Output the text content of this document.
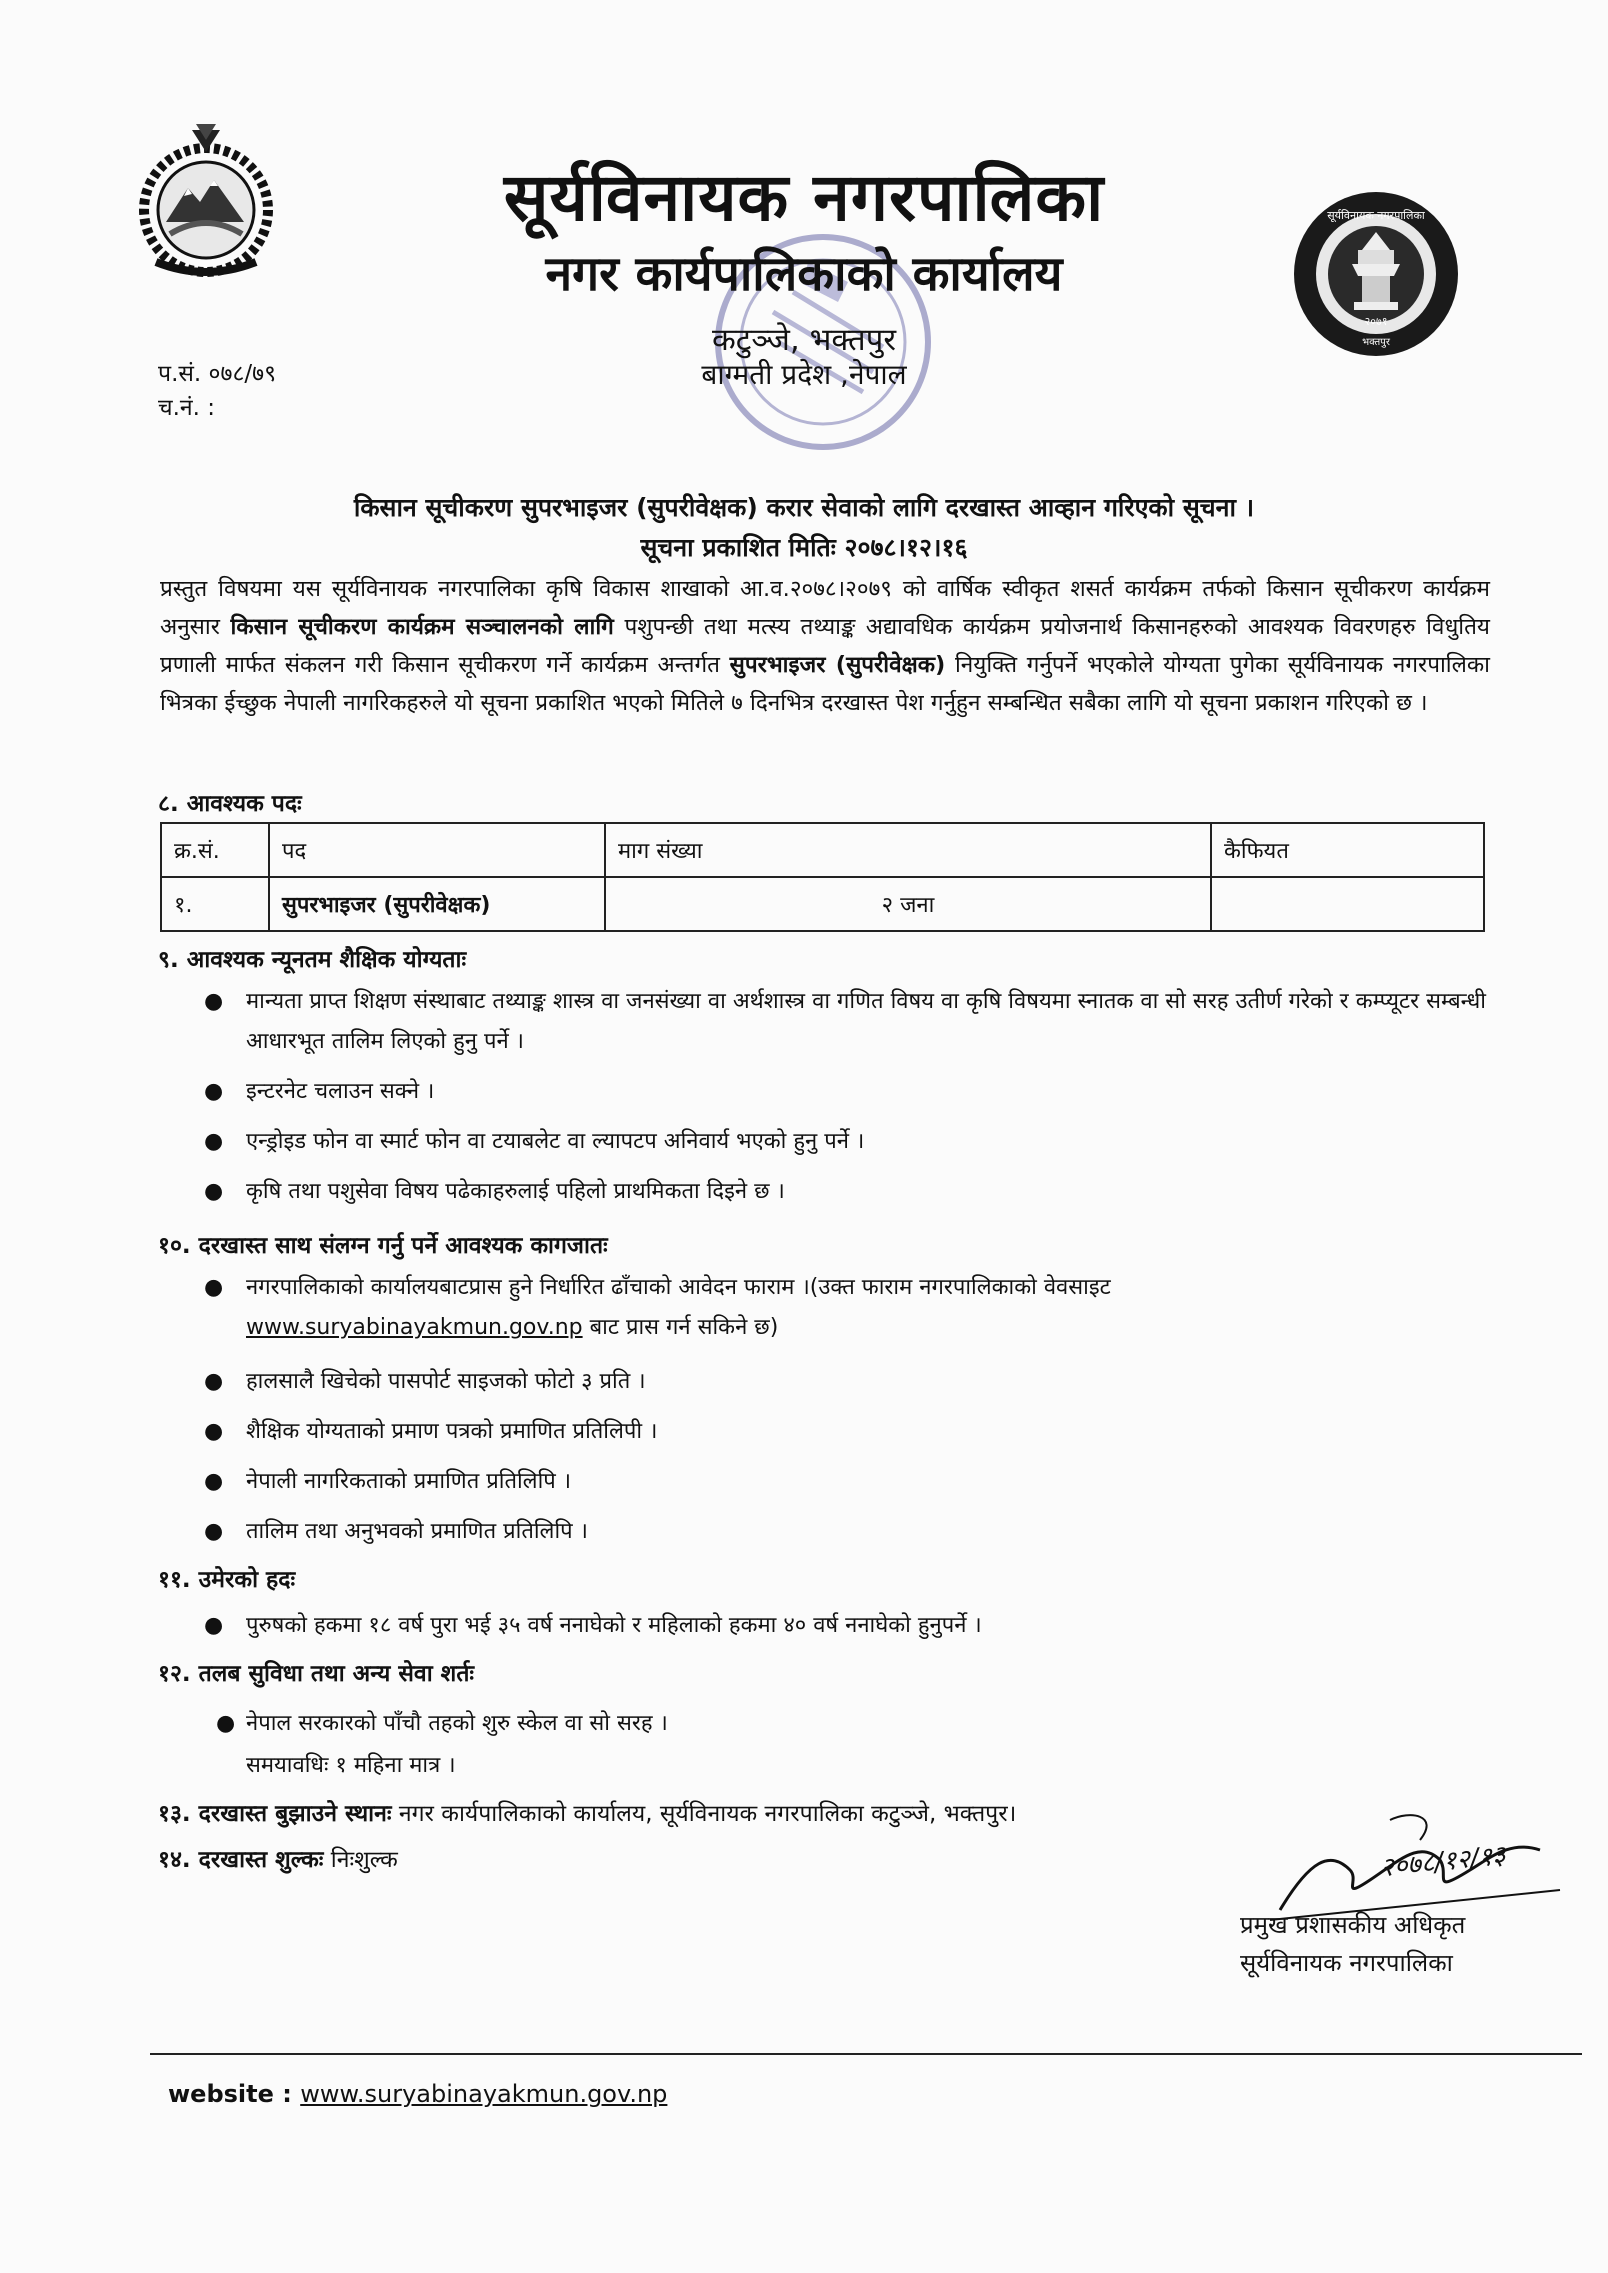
सूर्यविनायक नगरपालिका
२०७१
भक्तपुर
सूर्यविनायक नगरपालिका
नगर कार्यपालिकाको कार्यालय
कटुञ्जे, भक्तपुर
बाग्मती प्रदेश ,नेपाल
प.सं. ०७८/७९
च.नं. :
किसान सूचीकरण सुपरभाइजर (सुपरीवेक्षक) करार सेवाको लागि दरखास्त आव्हान गरिएको सूचना ।
सूचना प्रकाशित मितिः २०७८।१२।१६
प्रस्तुत विषयमा यस सूर्यविनायक नगरपालिका कृषि विकास शाखाको आ.व.२०७८।२०७९ को वार्षिक स्वीकृत शसर्त कार्यक्रम तर्फको किसान सूचीकरण कार्यक्रम अनुसार किसान सूचीकरण कार्यक्रम सञ्चालनको लागि पशुपन्छी तथा मत्स्य तथ्याङ्क अद्यावधिक कार्यक्रम प्रयोजनार्थ किसानहरुको आवश्यक विवरणहरु विधुतिय प्रणाली मार्फत संकलन गरी किसान सूचीकरण गर्ने कार्यक्रम अन्तर्गत सुपरभाइजर (सुपरीवेक्षक) नियुक्ति गर्नुपर्ने भएकोले योग्यता पुगेका सूर्यविनायक नगरपालिका भित्रका ईच्छुक नेपाली नागरिकहरुले यो सूचना प्रकाशित भएको मितिले ७ दिनभित्र दरखास्त पेश गर्नुहुन सम्बन्धित सबैका लागि यो सूचना प्रकाशन गरिएको छ ।
८. आवश्यक पदः
क्र.सं.	पद	माग संख्या	कैफियत
१.	सुपरभाइजर (सुपरीवेक्षक)	२ जना	
९. आवश्यक न्यूनतम शैक्षिक योग्यताः
● मान्यता प्राप्त शिक्षण संस्थाबाट तथ्याङ्क शास्त्र वा जनसंख्या वा अर्थशास्त्र वा गणित विषय वा कृषि विषयमा स्नातक वा सो सरह उतीर्ण गरेको र कम्प्यूटर सम्बन्धी आधारभूत तालिम लिएको हुनु पर्ने ।
● इन्टरनेट चलाउन सक्ने ।
● एन्ड्रोइड फोन वा स्मार्ट फोन वा टयाबलेट वा ल्यापटप अनिवार्य भएको हुनु पर्ने ।
● कृषि तथा पशुसेवा विषय पढेकाहरुलाई पहिलो प्राथमिकता दिइने छ ।
१०. दरखास्त साथ संलग्न गर्नु पर्ने आवश्यक कागजातः
● नगरपालिकाको कार्यालयबाटप्रास हुने निर्धारित ढाँचाको आवेदन फाराम ।(उक्त फाराम नगरपालिकाको वेवसाइट
www.suryabinayakmun.gov.np बाट प्रास गर्न सकिने छ)
● हालसालै खिचेको पासपोर्ट साइजको फोटो ३ प्रति ।
● शैक्षिक योग्यताको प्रमाण पत्रको प्रमाणित प्रतिलिपी ।
● नेपाली नागरिकताको प्रमाणित प्रतिलिपि ।
● तालिम तथा अनुभवको प्रमाणित प्रतिलिपि ।
११. उमेरको हदः
● पुरुषको हकमा १८ वर्ष पुरा भई ३५ वर्ष ननाघेको र महिलाको हकमा ४० वर्ष ननाघेको हुनुपर्ने ।
१२. तलब सुविधा तथा अन्य सेवा शर्तः
● नेपाल सरकारको पाँचौ तहको शुरु स्केल वा सो सरह ।
समयावधिः १ महिना मात्र ।
१३. दरखास्त बुझाउने स्थानः नगर कार्यपालिकाको कार्यालय, सूर्यविनायक नगरपालिका कटुञ्जे, भक्तपुर।
१४. दरखास्त शुल्कः निःशुल्क	२०७८/१२/१३
प्रमुख प्रशासकीय अधिकृत
सूर्यविनायक नगरपालिका
website : www.suryabinayakmun.gov.np
